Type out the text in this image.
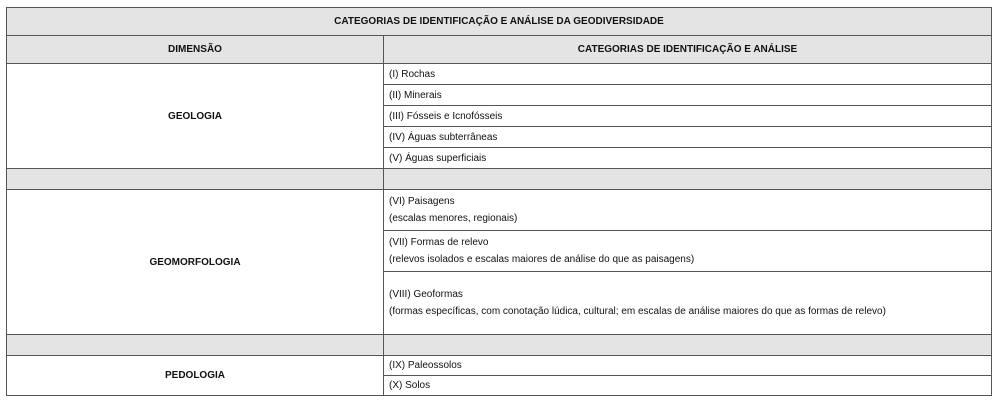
CATEGORIAS DE IDENTIFICAÇÃO E ANÁLISE DA GEODIVERSIDADE	
DIMENSÃO	CATEGORIAS DE IDENTIFICAÇÃO E ANÁLISE
GEOLOGIA	(I) Rochas
	(II) Minerais
	(III) Fósseis e Icnofósseis
	(IV) Águas subterrâneas
	(V) Águas superficiais

GEOMORFOLOGIA	(VI) Paisagens
(escalas menores, regionais)

	(VII) Formas de relevo
(relevos isolados e escalas maiores de análise do que as paisagens)

	(VIII) Geoformas
(formas específicas, com conotação lúdica, cultural; em escalas de análise maiores do que as formas de relevo)

PEDOLOGIA	(IX) Paleossolos
	(X) Solos
